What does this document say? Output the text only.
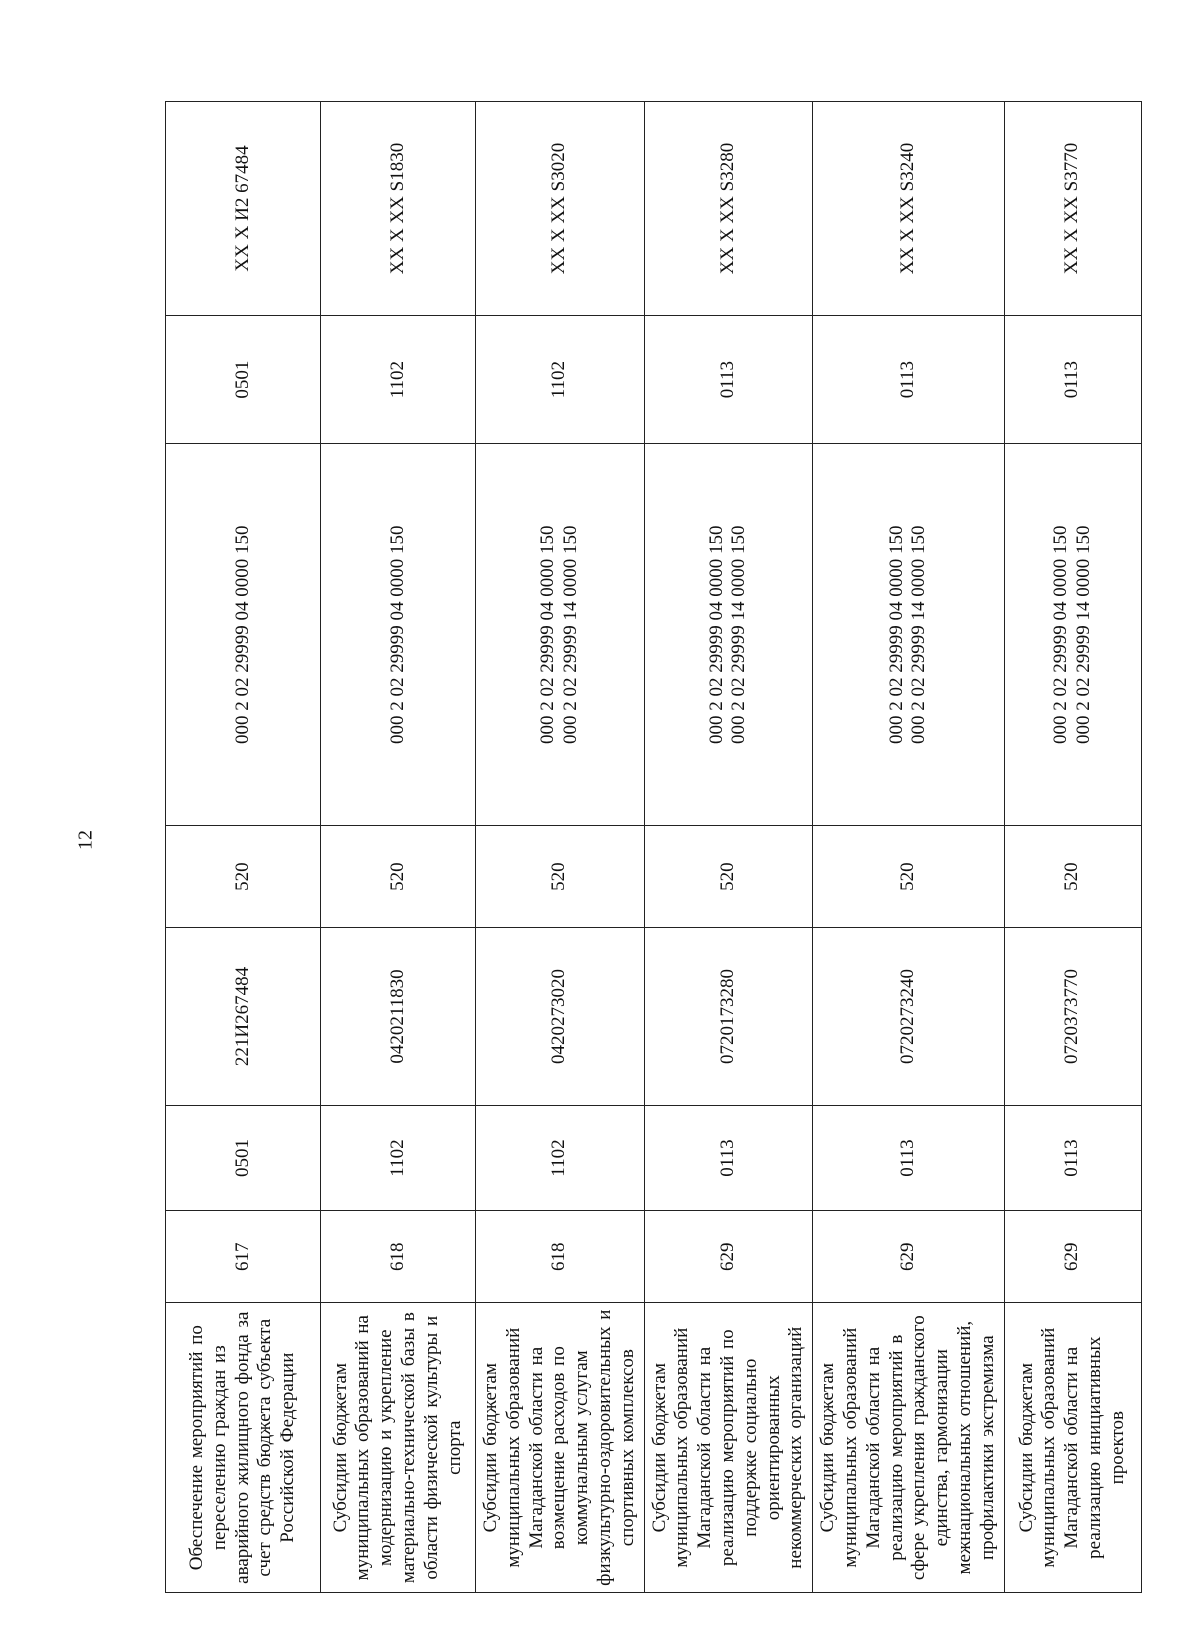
12
Обеспечение мероприятий по переселению граждан из аварийного жилищного фонда за счет средств бюджета субъекта Российской Федерации	617	0501	221И267484	520	000 2 02 29999 04 0000 150	0501	XX X И2 67484
Субсидии бюджетам муниципальных образований на модернизацию и укрепление материально-технической базы в области физической культуры и спорта	618	1102	0420211830	520	000 2 02 29999 04 0000 150	1102	XX X XX S1830
Субсидии бюджетам муниципальных образований Магаданской области на возмещение расходов по коммунальным услугам физкультурно-оздоровительных и спортивных комплексов	618	1102	0420273020	520	000 2 02 29999 04 0000 150 000 2 02 29999 14 0000 150	1102	XX X XX S3020
Субсидии бюджетам муниципальных образований Магаданской области на реализацию мероприятий по поддержке социально ориентированных некоммерческих организаций	629	0113	0720173280	520	000 2 02 29999 04 0000 150 000 2 02 29999 14 0000 150	0113	XX X XX S3280
Субсидии бюджетам муниципальных образований Магаданской области на реализацию мероприятий в сфере укрепления гражданского единства, гармонизации межнациональных отношений, профилактики экстремизма	629	0113	0720273240	520	000 2 02 29999 04 0000 150 000 2 02 29999 14 0000 150	0113	XX X XX S3240
Субсидии бюджетам муниципальных образований Магаданской области на реализацию инициативных проектов	629	0113	0720373770	520	000 2 02 29999 04 0000 150 000 2 02 29999 14 0000 150	0113	XX X XX S3770
